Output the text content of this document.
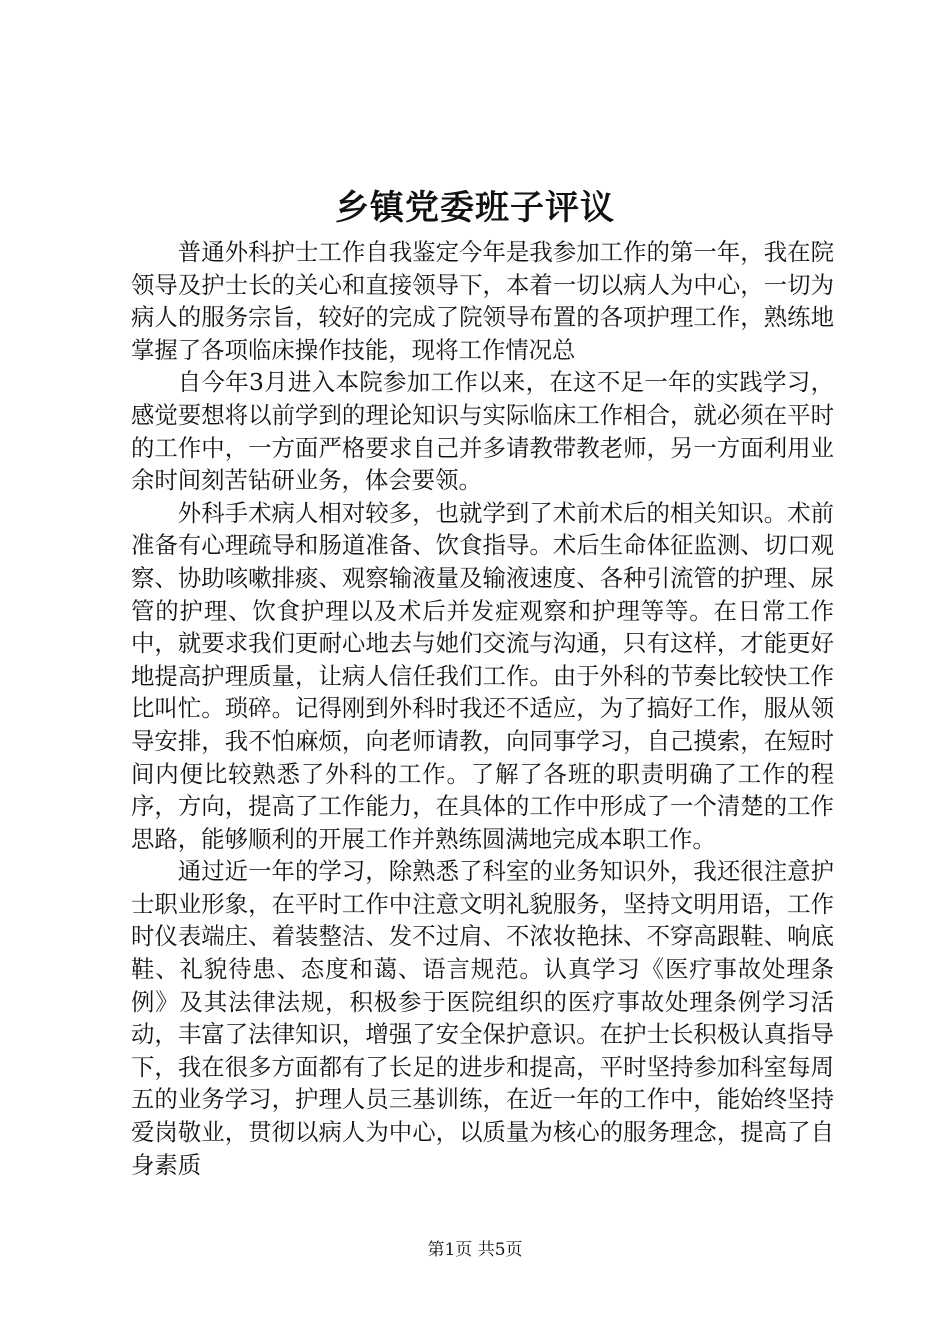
乡镇党委班子评议

普通外科护士工作自我鉴定今年是我参加工作的第一年，我在院领导及护士长的关心和直接领导下，本着一切以病人为中心，一切为病人的服务宗旨，较好的完成了院领导布置的各项护理工作，熟练地掌握了各项临床操作技能，现将工作情况总

自今年3月进入本院参加工作以来，在这不足一年的实践学习，感觉要想将以前学到的理论知识与实际临床工作相合，就必须在平时的工作中，一方面严格要求自己并多请教带教老师，另一方面利用业余时间刻苦钻研业务，体会要领。

外科手术病人相对较多，也就学到了术前术后的相关知识。术前准备有心理疏导和肠道准备、饮食指导。术后生命体征监测、切口观察、协助咳嗽排痰、观察输液量及输液速度、各种引流管的护理、尿管的护理、饮食护理以及术后并发症观察和护理等等。在日常工作中，就要求我们更耐心地去与她们交流与沟通，只有这样，才能更好地提高护理质量，让病人信任我们工作。由于外科的节奏比较快工作比叫忙。琐碎。记得刚到外科时我还不适应，为了搞好工作，服从领导安排，我不怕麻烦，向老师请教，向同事学习，自己摸索，在短时间内便比较熟悉了外科的工作。了解了各班的职责明确了工作的程序，方向，提高了工作能力，在具体的工作中形成了一个清楚的工作思路，能够顺利的开展工作并熟练圆满地完成本职工作。

通过近一年的学习，除熟悉了科室的业务知识外，我还很注意护士职业形象，在平时工作中注意文明礼貌服务，坚持文明用语，工作时仪表端庄、着装整洁、发不过肩、不浓妆艳抹、不穿高跟鞋、响底鞋、礼貌待患、态度和蔼、语言规范。认真学习《医疗事故处理条例》及其法律法规，积极参于医院组织的医疗事故处理条例学习活动，丰富了法律知识，增强了安全保护意识。在护士长积极认真指导下，我在很多方面都有了长足的进步和提高，平时坚持参加科室每周五的业务学习，护理人员三基训练，在近一年的工作中，能始终坚持爱岗敬业，贯彻以病人为中心，以质量为核心的服务理念，提高了自身素质

第1页 共5页
